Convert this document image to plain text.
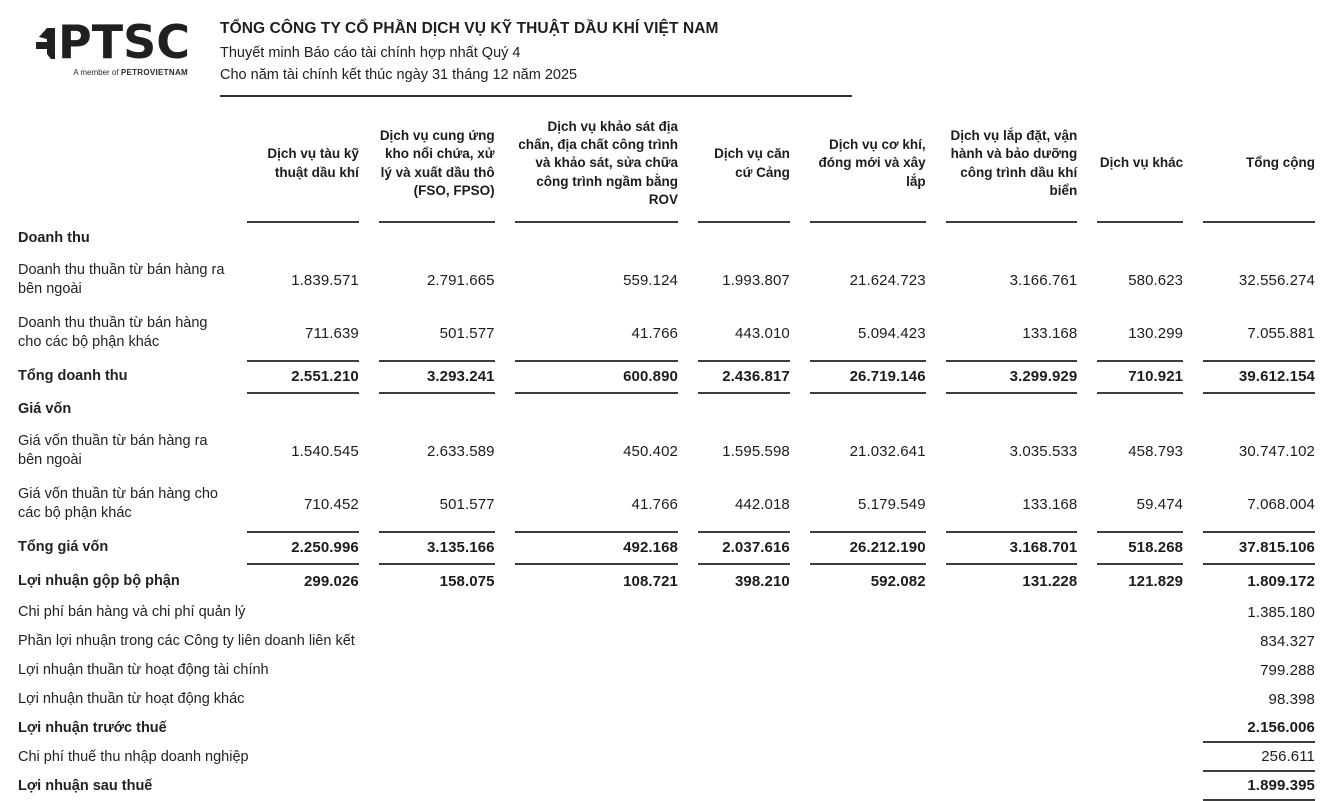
PTSC
A member of PETROVIETNAM
TỔNG CÔNG TY CỔ PHẦN DỊCH VỤ KỸ THUẬT DẦU KHÍ VIỆT NAM
Thuyết minh Báo cáo tài chính hợp nhất Quý 4
Cho năm tài chính kết thúc ngày 31 tháng 12 năm 2025
	Dịch vụ tàu kỹ thuật dầu khí	Dịch vụ cung ứng kho nổi chứa, xử lý và xuất dầu thô (FSO, FPSO)	Dịch vụ khảo sát địa chấn, địa chất công trình và khảo sát, sửa chữa công trình ngầm bằng ROV	Dịch vụ căn cứ Cảng	Dịch vụ cơ khí, đóng mới và xây lắp	Dịch vụ lắp đặt, vận hành và bảo dưỡng công trình dầu khí biển	Dịch vụ khác	Tổng cộng
Doanh thu								
Doanh thu thuần từ bán hàng ra bên ngoài	1.839.571	2.791.665	559.124	1.993.807	21.624.723	3.166.761	580.623	32.556.274
Doanh thu thuần từ bán hàng cho các bộ phận khác	711.639	501.577	41.766	443.010	5.094.423	133.168	130.299	7.055.881
Tổng doanh thu	2.551.210	3.293.241	600.890	2.436.817	26.719.146	3.299.929	710.921	39.612.154
Giá vốn								
Giá vốn thuần từ bán hàng ra bên ngoài	1.540.545	2.633.589	450.402	1.595.598	21.032.641	3.035.533	458.793	30.747.102
Giá vốn thuần từ bán hàng cho các bộ phận khác	710.452	501.577	41.766	442.018	5.179.549	133.168	59.474	7.068.004
Tổng giá vốn	2.250.996	3.135.166	492.168	2.037.616	26.212.190	3.168.701	518.268	37.815.106
Lợi nhuận gộp bộ phận	299.026	158.075	108.721	398.210	592.082	131.228	121.829	1.809.172
Chi phí bán hàng và chi phí quản lý								1.385.180
Phần lợi nhuận trong các Công ty liên doanh liên kết								834.327
Lợi nhuận thuần từ hoạt động tài chính								799.288
Lợi nhuận thuần từ hoạt động khác								98.398
Lợi nhuận trước thuế								2.156.006
Chi phí thuế thu nhập doanh nghiệp								256.611
Lợi nhuận sau thuế								1.899.395
